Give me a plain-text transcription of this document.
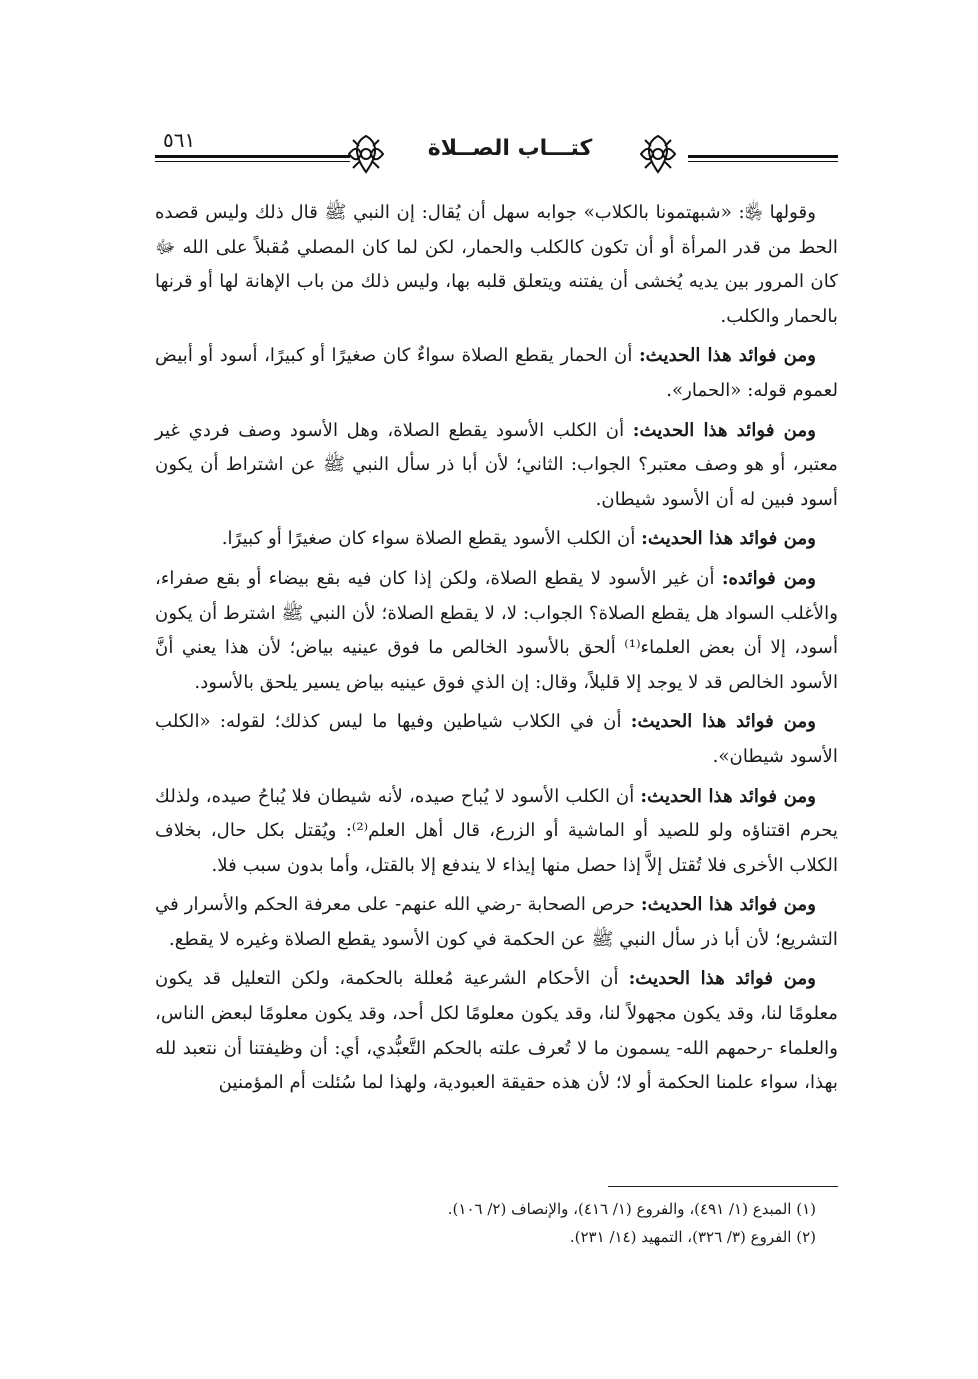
٥٦١	كتـــاب الصــلاة

وقولها ﵂: «شبهتمونا بالكلاب» جوابه سهل أن يُقال: إن النبي ﷺ قال ذلك وليس قصده الحط من قدر المرأة أو أن تكون كالكلب والحمار، لكن لما كان المصلي مُقبلاً على الله ﷻ كان المرور بين يديه يُخشى أن يفتنه ويتعلق قلبه بها، وليس ذلك من باب الإهانة لها أو قرنها بالحمار والكلب.

ومن فوائد هذا الحديث: أن الحمار يقطع الصلاة سواءٌ كان صغيرًا أو كبيرًا، أسود أو أبيض لعموم قوله: «الحمار».

ومن فوائد هذا الحديث: أن الكلب الأسود يقطع الصلاة، وهل الأسود وصف فردي غير معتبر، أو هو وصف معتبر؟ الجواب: الثاني؛ لأن أبا ذر سأل النبي ﷺ عن اشتراط أن يكون أسود فبين له أن الأسود شيطان.

ومن فوائد هذا الحديث: أن الكلب الأسود يقطع الصلاة سواء كان صغيرًا أو كبيرًا.

ومن فوائده: أن غير الأسود لا يقطع الصلاة، ولكن إذا كان فيه بقع بيضاء أو بقع صفراء، والأغلب السواد هل يقطع الصلاة؟ الجواب: لا، لا يقطع الصلاة؛ لأن النبي ﷺ اشترط أن يكون أسود، إلا أن بعض العلماء⁽¹⁾ ألحق بالأسود الخالص ما فوق عينيه بياض؛ لأن هذا يعني أنَّ الأسود الخالص قد لا يوجد إلا قليلاً، وقال: إن الذي فوق عينيه بياض يسير يلحق بالأسود.

ومن فوائد هذا الحديث: أن في الكلاب شياطين وفيها ما ليس كذلك؛ لقوله: «الكلب الأسود شيطان».

ومن فوائد هذا الحديث: أن الكلب الأسود لا يُباح صيده، لأنه شيطان فلا يُباحُ صيده، ولذلك يحرم اقتناؤه ولو للصيد أو الماشية أو الزرع، قال أهل العلم⁽²⁾: ويُقتل بكل حال، بخلاف الكلاب الأخرى فلا تُقتل إلاَّ إذا حصل منها إيذاء لا يندفع إلا بالقتل، وأما بدون سبب فلا.

ومن فوائد هذا الحديث: حرص الصحابة -رضي الله عنهم- على معرفة الحكم والأسرار في التشريع؛ لأن أبا ذر سأل النبي ﷺ عن الحكمة في كون الأسود يقطع الصلاة وغيره لا يقطع.

ومن فوائد هذا الحديث: أن الأحكام الشرعية مُعللة بالحكمة، ولكن التعليل قد يكون معلومًا لنا، وقد يكون مجهولاً لنا، وقد يكون معلومًا لكل أحد، وقد يكون معلومًا لبعض الناس، والعلماء -رحمهم الله- يسمون ما لا تُعرف علته بالحكم التَّعبُّدي، أي: أن وظيفتنا أن نتعبد لله بهذا، سواء علمنا الحكمة أو لا؛ لأن هذه حقيقة العبودية، ولهذا لما سُئلت أم المؤمنين

(١) المبدع (١/ ٤٩١)، والفروع (١/ ٤١٦)، والإنصاف (٢/ ١٠٦).
(٢) الفروع (٣/ ٣٢٦)، التمهيد (١٤/ ٢٣١).
